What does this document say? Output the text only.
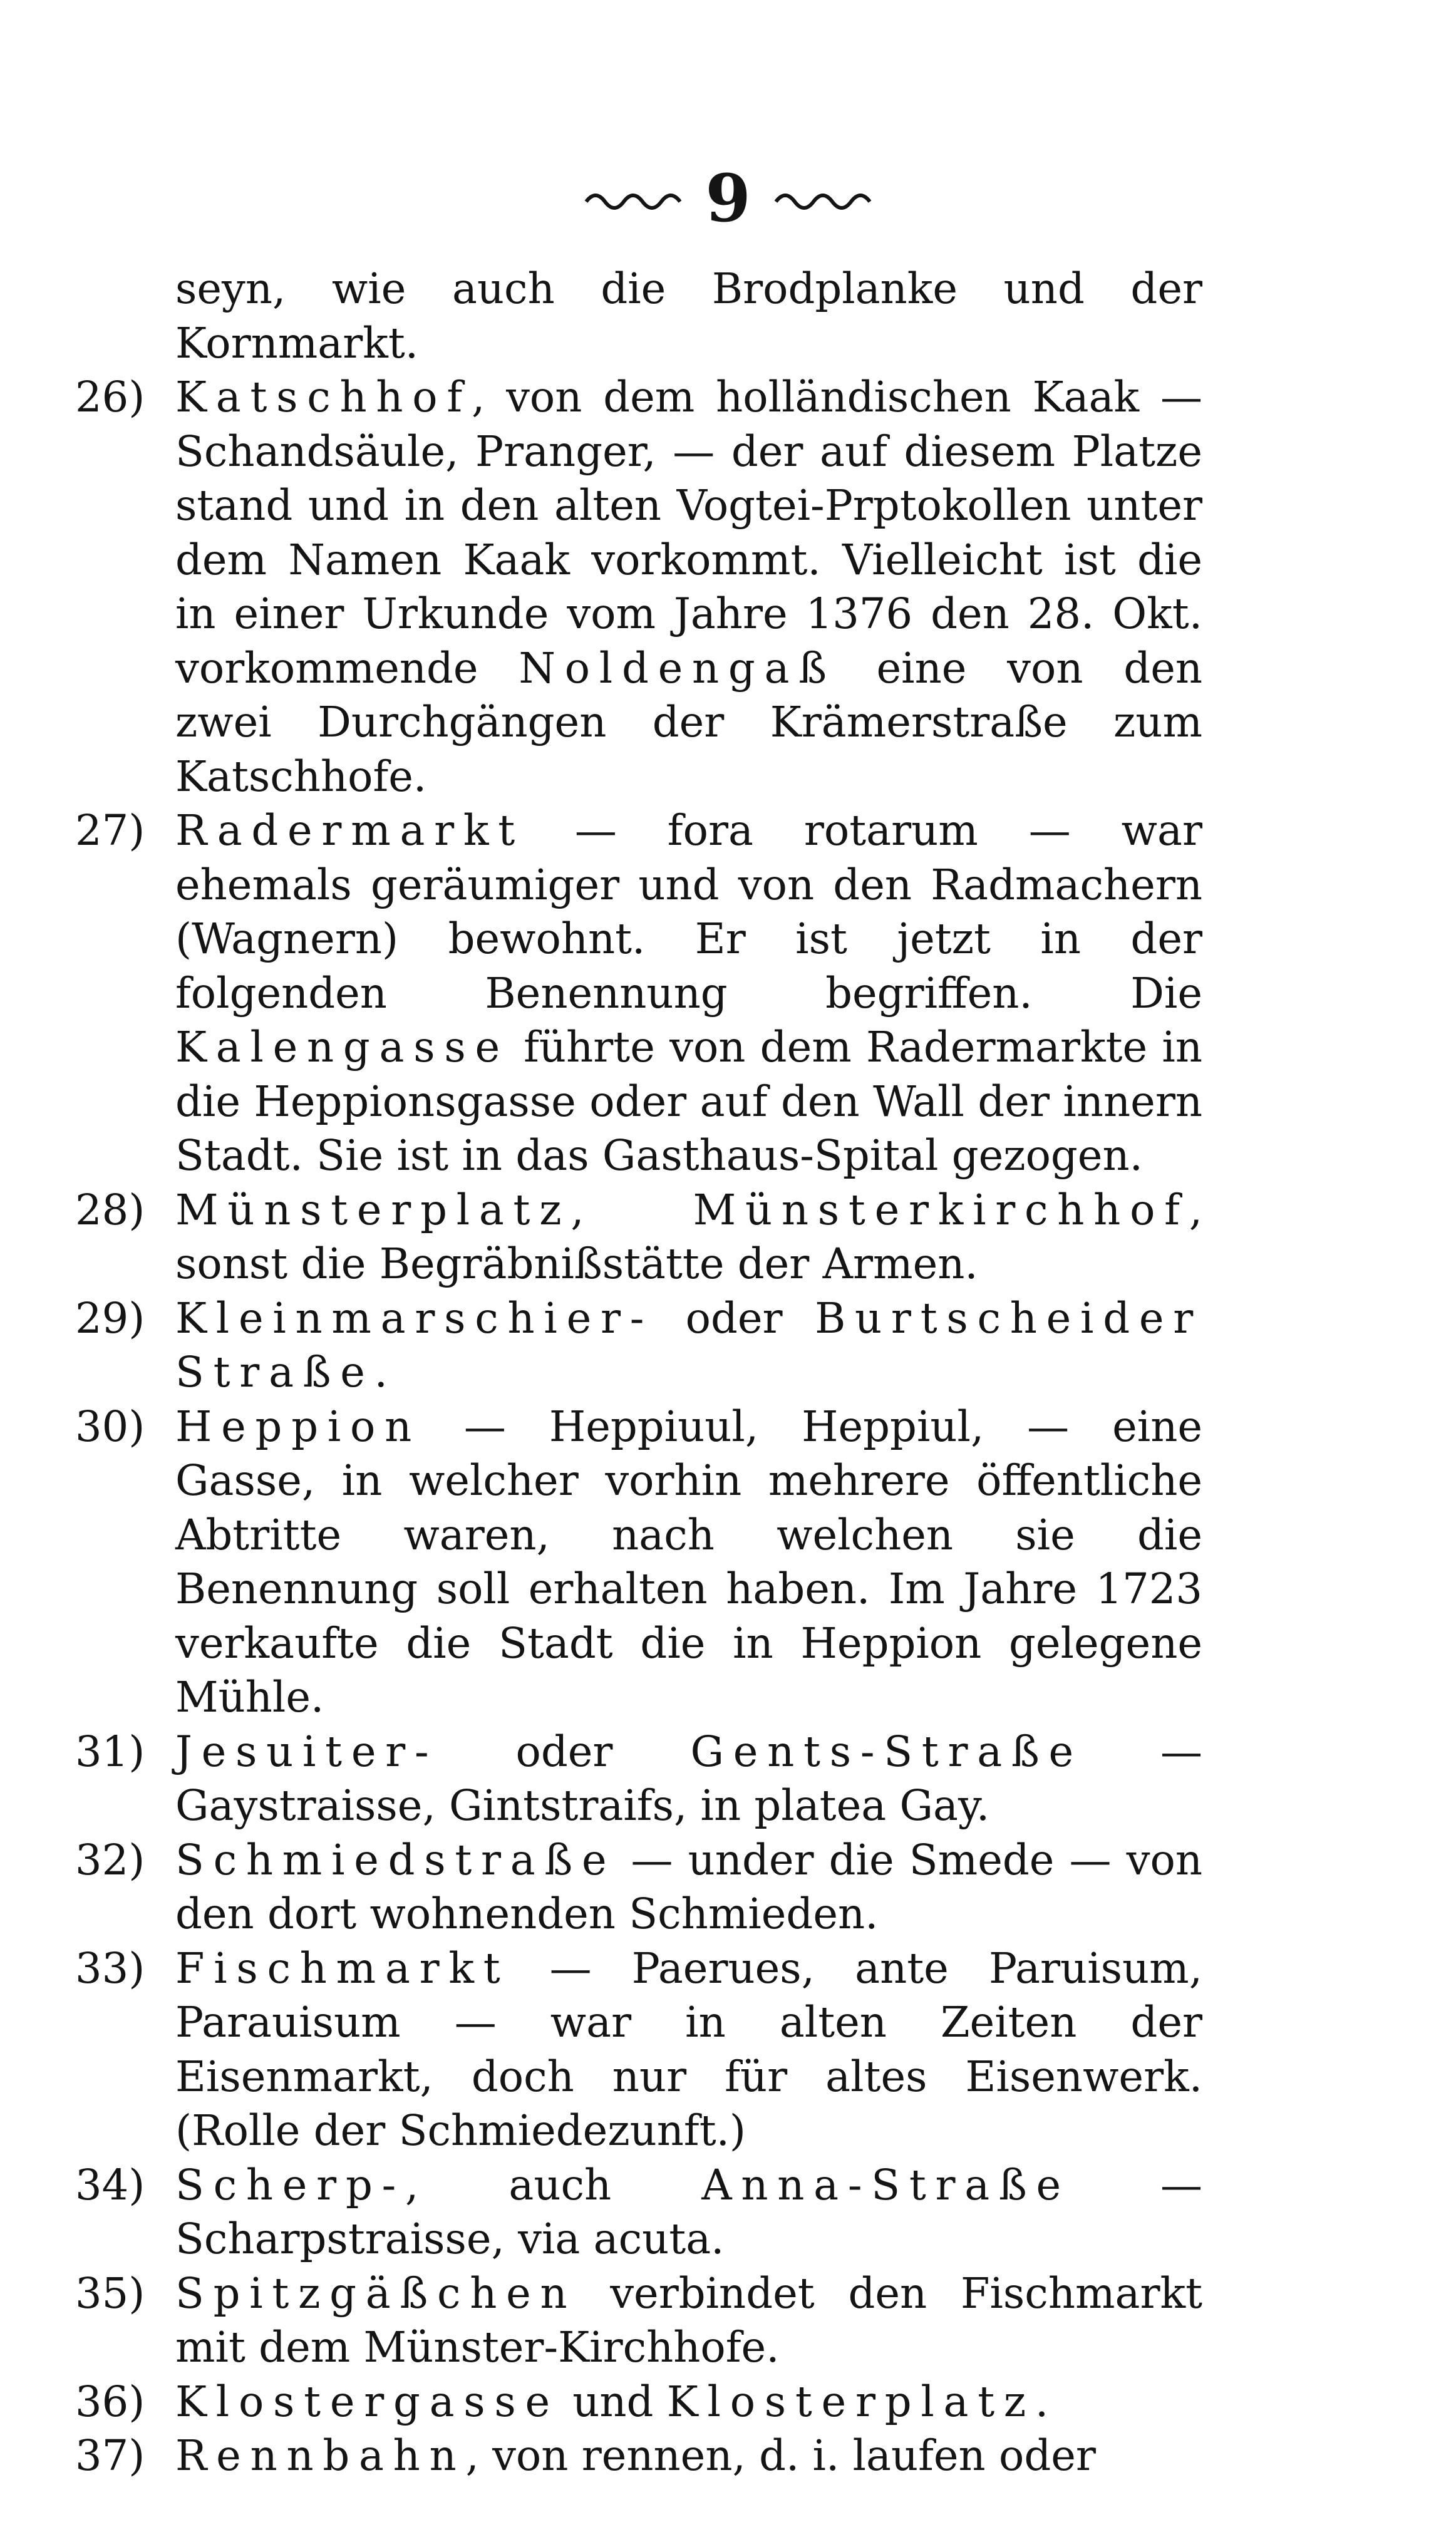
9
seyn, wie auch die Brodplanke und der Kornmarkt.
26) Katschhof, von dem holländischen Kaak — Schandsäule, Pranger, — der auf diesem Platze stand und in den alten Vogtei-Prptokollen unter dem Namen Kaak vorkommt. Vielleicht ist die in einer Urkunde vom Jahre 1376 den 28. Okt. vorkommende Noldengaß eine von den zwei Durchgängen der Krämerstraße zum Katschhofe.
27) Radermarkt — fora rotarum — war ehemals geräumiger und von den Radmachern (Wagnern) bewohnt. Er ist jetzt in der folgenden Benennung begriffen. Die Kalengasse führte von dem Radermarkte in die Heppionsgasse oder auf den Wall der innern Stadt. Sie ist in das Gasthaus-Spital gezogen.
28) Münsterplatz, Münsterkirchhof, sonst die Begräbnißstätte der Armen.
29) Kleinmarschier- oder Burtscheider Straße.
30) Heppion — Heppiuul, Heppiul, — eine Gasse, in welcher vorhin mehrere öffentliche Abtritte waren, nach welchen sie die Benennung soll erhalten haben. Im Jahre 1723 verkaufte die Stadt die in Heppion gelegene Mühle.
31) Jesuiter- oder Gents-Straße — Gaystraisse, Gintstraifs, in platea Gay.
32) Schmiedstraße — under die Smede — von den dort wohnenden Schmieden.
33) Fischmarkt — Paerues, ante Paruisum, Parauisum — war in alten Zeiten der Eisenmarkt, doch nur für altes Eisenwerk. (Rolle der Schmiedezunft.)
34) Scherp-, auch Anna-Straße — Scharpstraisse, via acuta.
35) Spitzgäßchen verbindet den Fischmarkt mit dem Münster-Kirchhofe.
36) Klostergasse und Klosterplatz.
37) Rennbahn, von rennen, d. i. laufen oder
